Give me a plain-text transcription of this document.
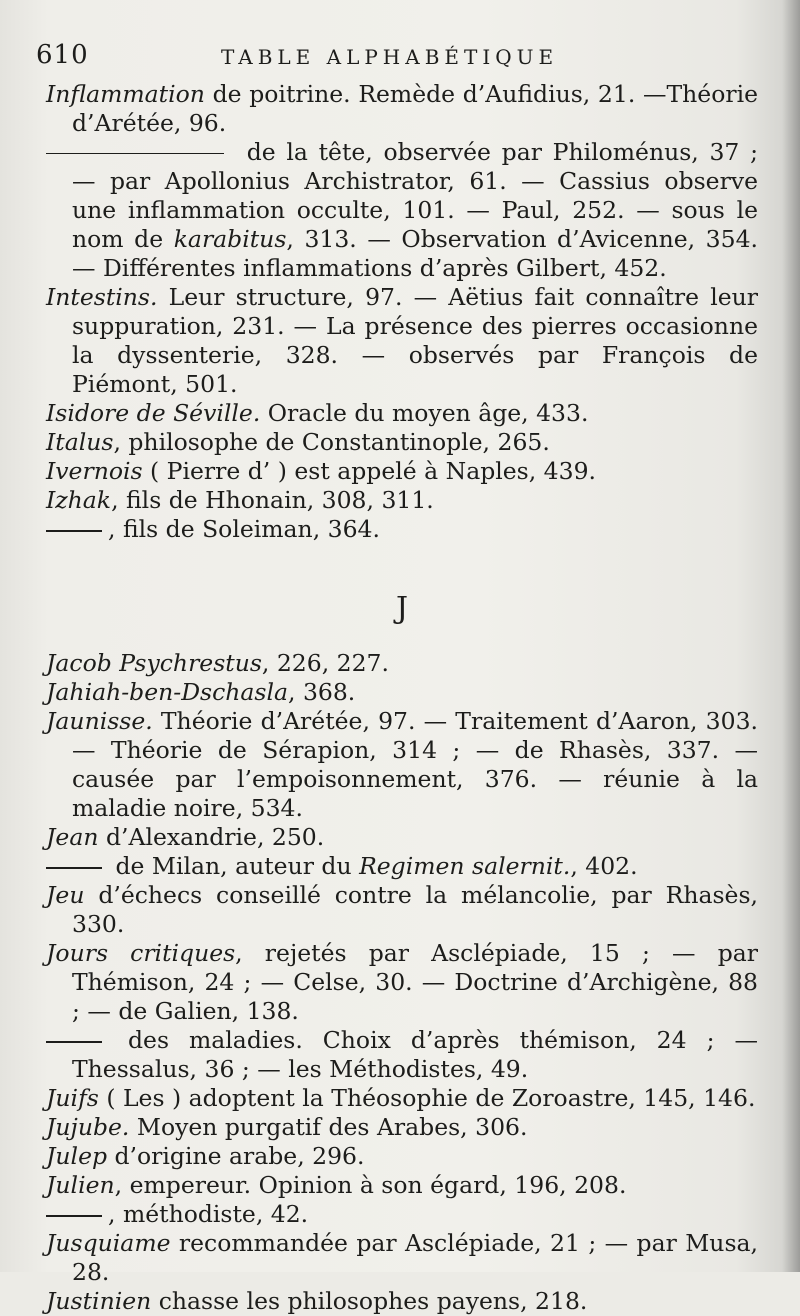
610	TABLE ALPHABÉTIQUE

Inflammation de poitrine. Remède d’Aufidius, 21. —Théorie d’Arétée, 96.

de la tête, observée par Philoménus, 37 ; — par Apollonius Archistrator, 61. — Cassius observe une inflammation occulte, 101. — Paul, 252. — sous le nom de karabitus, 313. — Observation d’Avicenne, 354. — Différentes inflammations d’après Gilbert, 452.

Intestins. Leur structure, 97. — Aëtius fait connaître leur suppuration, 231. — La présence des pierres occasionne la dyssenterie, 328. — observés par François de Piémont, 501.

Isidore de Séville. Oracle du moyen âge, 433.

Italus, philosophe de Constantinople, 265.

Ivernois ( Pierre d’ ) est appelé à Naples, 439.

Izhak, fils de Hhonain, 308, 311.

, fils de Soleiman, 364.

J

Jacob Psychrestus, 226, 227.

Jahiah-ben-Dschasla, 368.

Jaunisse. Théorie d’Arétée, 97. — Traitement d’Aaron, 303. — Théorie de Sérapion, 314 ; — de Rhasès, 337. — causée par l’empoisonnement, 376. — réunie à la maladie noire, 534.

Jean d’Alexandrie, 250.

de Milan, auteur du Regimen salernit., 402.

Jeu d’échecs conseillé contre la mélancolie, par Rhasès, 330.

Jours critiques, rejetés par Asclépiade, 15 ; — par Thémison, 24 ; — Celse, 30. — Doctrine d’Archigène, 88 ; — de Galien, 138.

des maladies. Choix d’après thémison, 24 ; — Thessalus, 36 ; — les Méthodistes, 49.

Juifs ( Les ) adoptent la Théosophie de Zoroastre, 145, 146.

Jujube. Moyen purgatif des Arabes, 306.

Julep d’origine arabe, 296.

Julien, empereur. Opinion à son égard, 196, 208.

, méthodiste, 42.

Jusquiame recommandée par Asclépiade, 21 ; — par Musa, 28.

Justinien chasse les philosophes payens, 218.
